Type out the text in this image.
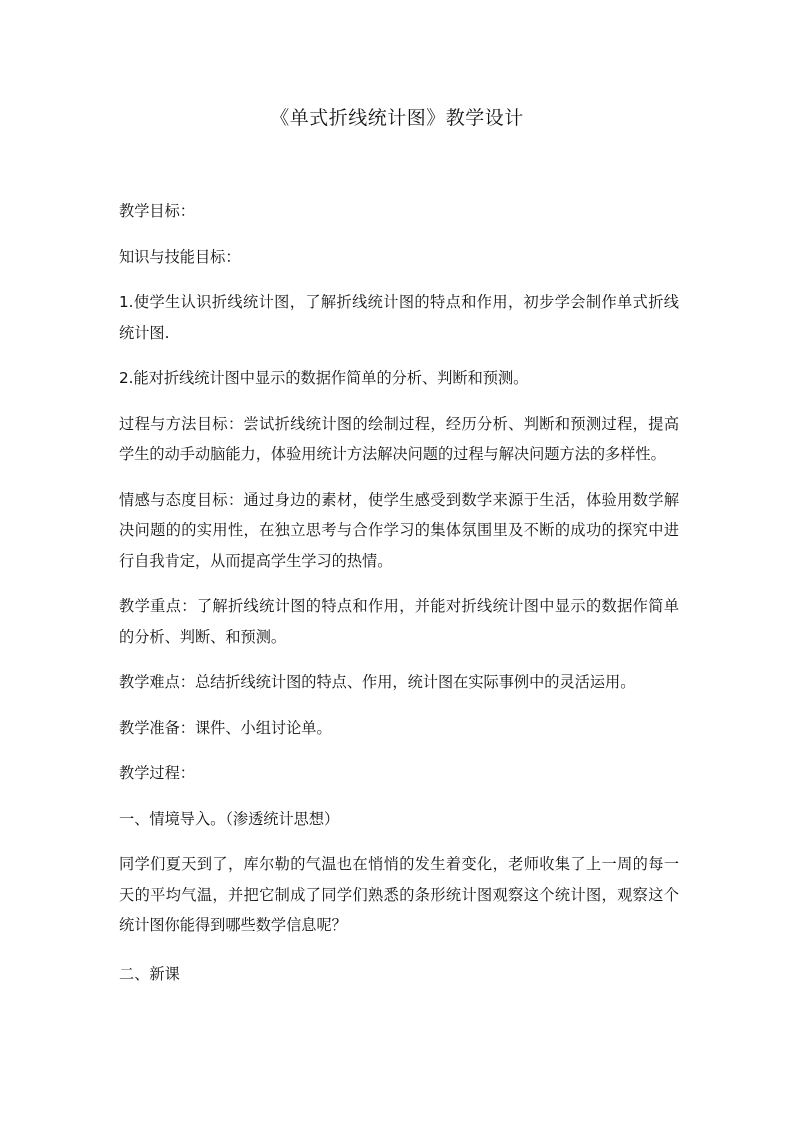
《单式折线统计图》教学设计

教学目标：

知识与技能目标：

1.使学生认识折线统计图，了解折线统计图的特点和作用，初步学会制作单式折线统计图.

2.能对折线统计图中显示的数据作简单的分析、判断和预测。

过程与方法目标：尝试折线统计图的绘制过程，经历分析、判断和预测过程，提高学生的动手动脑能力，体验用统计方法解决问题的过程与解决问题方法的多样性。

情感与态度目标：通过身边的素材，使学生感受到数学来源于生活，体验用数学解决问题的的实用性，在独立思考与合作学习的集体氛围里及不断的成功的探究中进行自我肯定，从而提高学生学习的热情。

教学重点：了解折线统计图的特点和作用，并能对折线统计图中显示的数据作简单的分析、判断、和预测。

教学难点：总结折线统计图的特点、作用，统计图在实际事例中的灵活运用。

教学准备：课件、小组讨论单。

教学过程：

一、情境导入。（渗透统计思想）

同学们夏天到了，库尔勒的气温也在悄悄的发生着变化，老师收集了上一周的每一天的平均气温，并把它制成了同学们熟悉的条形统计图观察这个统计图，观察这个统计图你能得到哪些数学信息呢？

二、新课
